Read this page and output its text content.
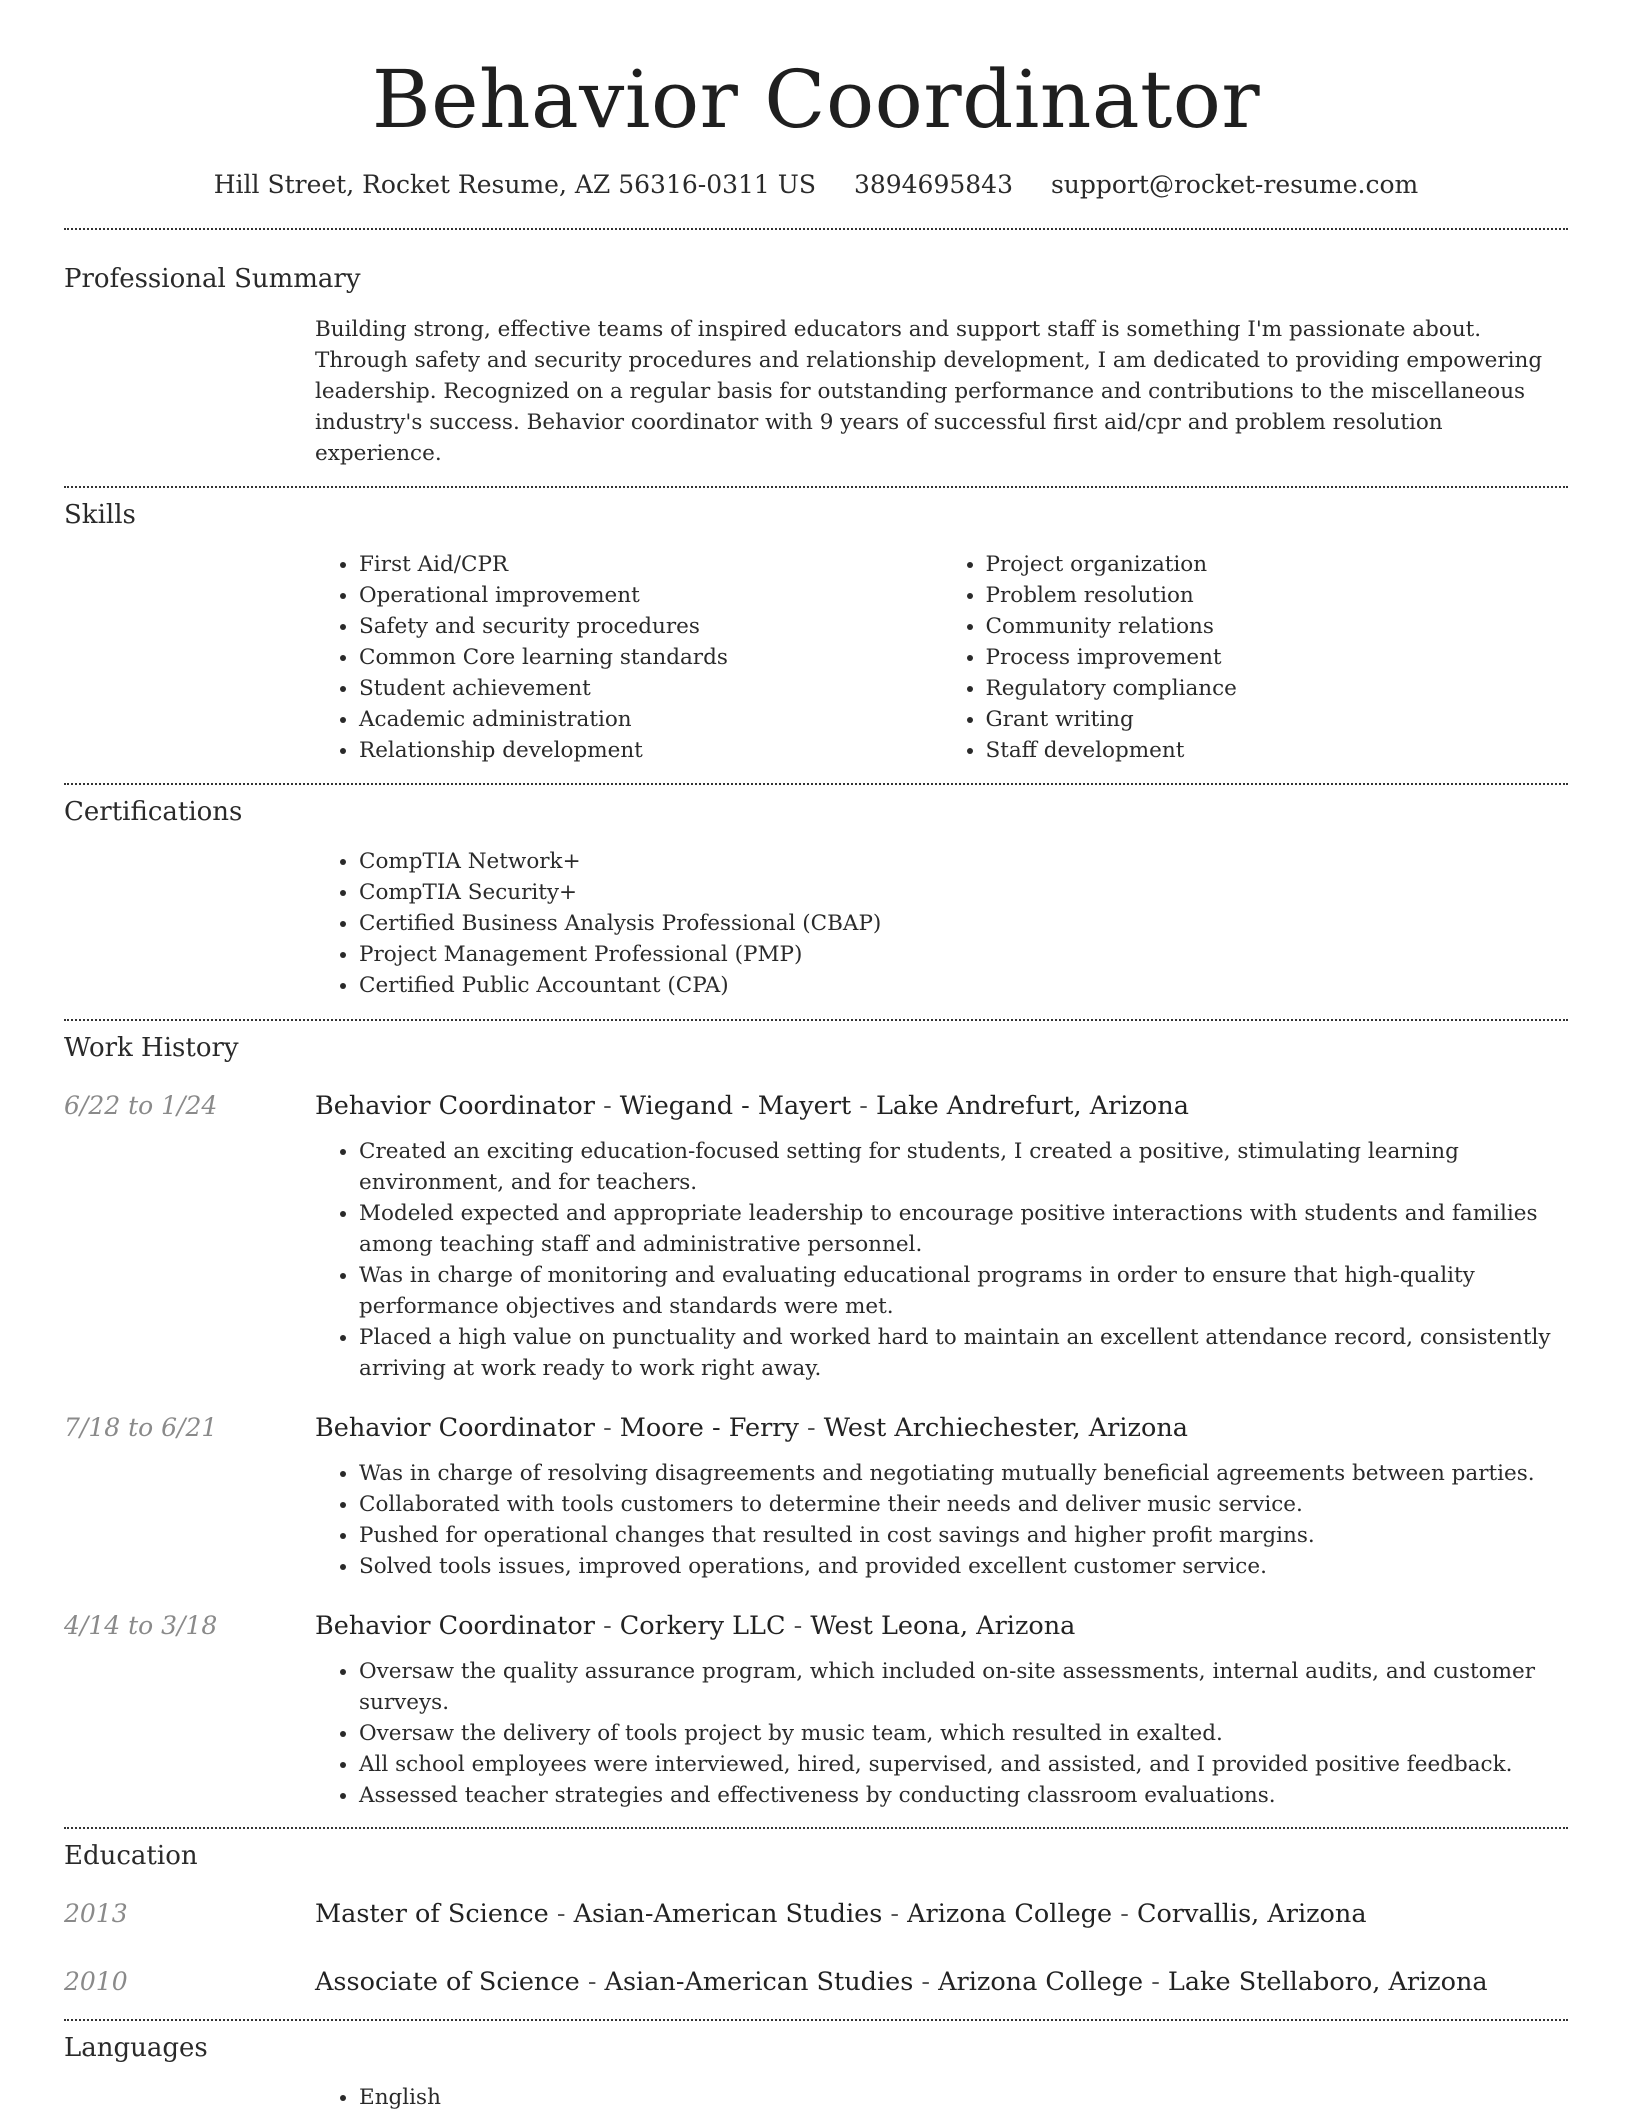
Behavior Coordinator
Hill Street, Rocket Resume, AZ 56316-0311 US 3894695843 support@rocket-resume.com
Professional Summary

Building strong, effective teams of inspired educators and support staff is something I'm passionate about. Through safety and security procedures and relationship development, I am dedicated to providing empowering leadership. Recognized on a regular basis for outstanding performance and contributions to the miscellaneous industry's success. Behavior coordinator with 9 years of successful first aid/cpr and problem resolution experience.

Skills
• First Aid/CPR
• Operational improvement
• Safety and security procedures
• Common Core learning standards
• Student achievement
• Academic administration
• Relationship development
• Project organization
• Problem resolution
• Community relations
• Process improvement
• Regulatory compliance
• Grant writing
• Staff development
Certifications
• CompTIA Network+
• CompTIA Security+
• Certified Business Analysis Professional (CBAP)
• Project Management Professional (PMP)
• Certified Public Accountant (CPA)
Work History
6/22 to 1/24	Behavior Coordinator - Wiegand - Mayert - Lake Andrefurt, Arizona
• Created an exciting education-focused setting for students, I created a positive, stimulating learning environment, and for teachers.
• Modeled expected and appropriate leadership to encourage positive interactions with students and families among teaching staff and administrative personnel.
• Was in charge of monitoring and evaluating educational programs in order to ensure that high-quality performance objectives and standards were met.
• Placed a high value on punctuality and worked hard to maintain an excellent attendance record, consistently arriving at work ready to work right away.
7/18 to 6/21	Behavior Coordinator - Moore - Ferry - West Archiechester, Arizona
• Was in charge of resolving disagreements and negotiating mutually beneficial agreements between parties.
• Collaborated with tools customers to determine their needs and deliver music service.
• Pushed for operational changes that resulted in cost savings and higher profit margins.
• Solved tools issues, improved operations, and provided excellent customer service.
4/14 to 3/18	Behavior Coordinator - Corkery LLC - West Leona, Arizona
• Oversaw the quality assurance program, which included on-site assessments, internal audits, and customer surveys.
• Oversaw the delivery of tools project by music team, which resulted in exalted.
• All school employees were interviewed, hired, supervised, and assisted, and I provided positive feedback.
• Assessed teacher strategies and effectiveness by conducting classroom evaluations.
Education
2013	Master of Science - Asian-American Studies - Arizona College - Corvallis, Arizona
2010	Associate of Science - Asian-American Studies - Arizona College - Lake Stellaboro, Arizona
Languages
• English
